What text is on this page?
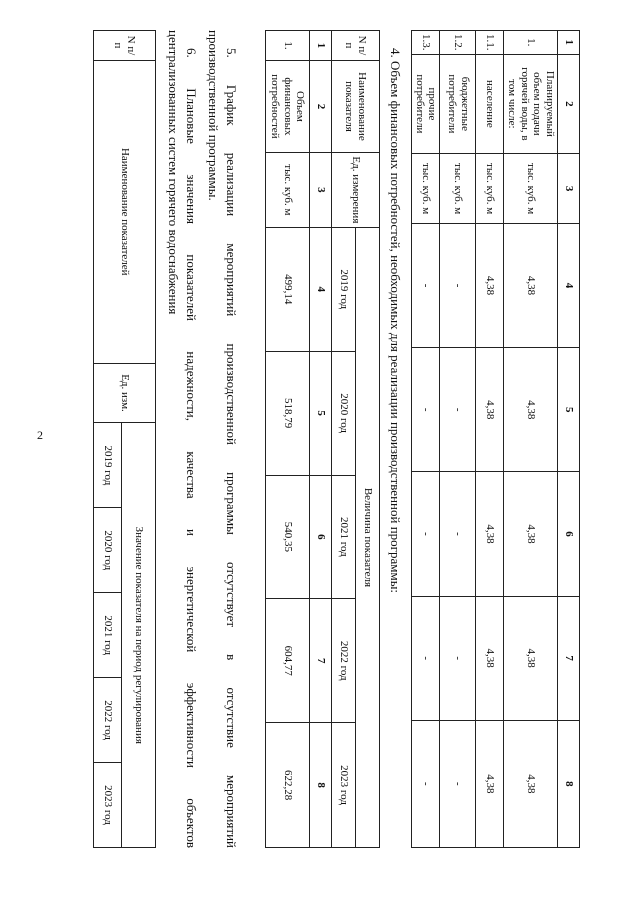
2
1	2	3	4	5	6	7	8
1.	Планируемый объем подачи горячей воды, в том числе:	тыс. куб. м	4,38	4,38	4,38	4,38	4,38
1.1.	население	тыс. куб. м	4,38	4,38	4,38	4,38	4,38
1.2.	бюджетные потребители	тыс. куб. м	-	-	-	-	-
1.3.	прочие потребители	тыс. куб. м	-	-	-	-	-
4. Объем финансовых потребностей, необходимых для реализации производственной программы:
N п/п	Наименование показателя	Ед. измерения	Величина показателя				
			2019 год	2020 год	2021 год	2022 год	2023 год
1	2	3	4	5	6	7	8
1.	Объем финансовых потребностей	тыс. куб. м	499,14	518,79	540,35	604,77	622,28
5. График реализации мероприятий производственной программы отсутствует в отсутствие мероприятий
производственной программы.
6. Плановые значения показателей надежности, качества и энергетической эффективности объектов
централизованных систем горячего водоснабжения
N п/п	Наименование показателей	Ед. изм.	Значение показателя на период регулирования				
			2019 год	2020 год	2021 год	2022 год	2023 год
